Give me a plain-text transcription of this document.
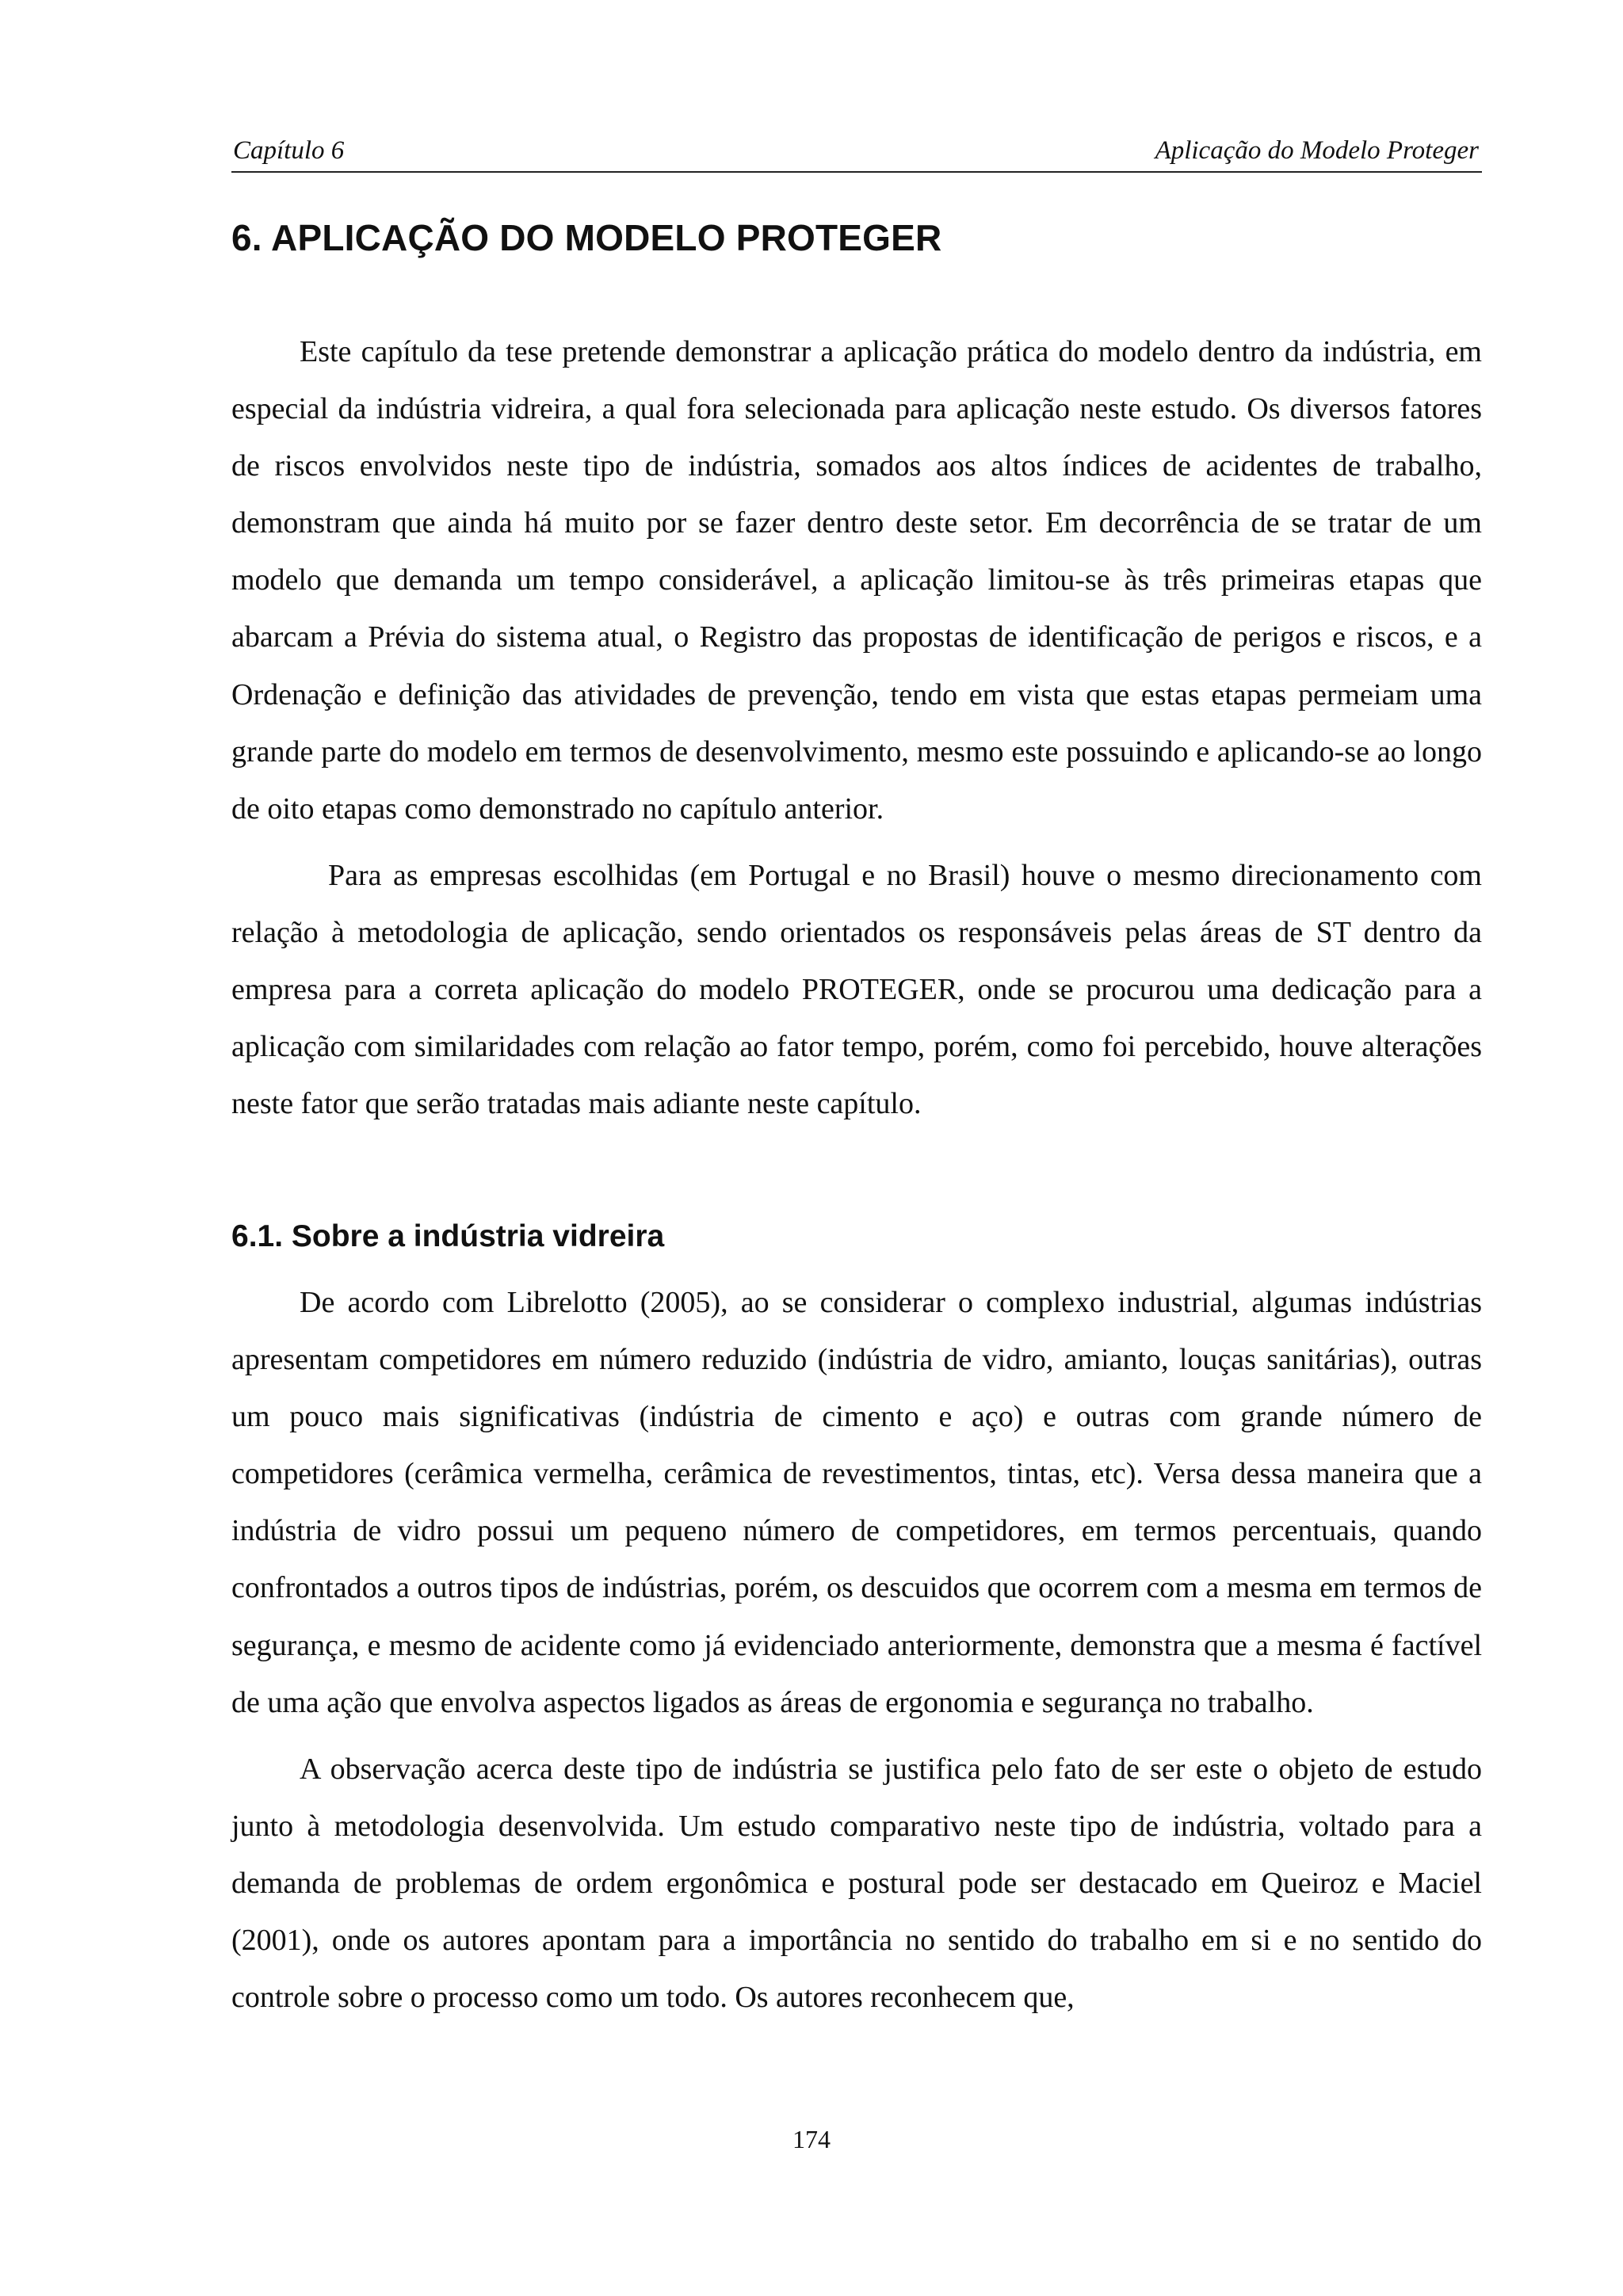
Capítulo 6	Aplicação do Modelo Proteger
6. APLICAÇÃO DO MODELO PROTEGER

Este capítulo da tese pretende demonstrar a aplicação prática do modelo dentro da indústria, em especial da indústria vidreira, a qual fora selecionada para aplicação neste estudo. Os diversos fatores de riscos envolvidos neste tipo de indústria, somados aos altos índices de acidentes de trabalho, demonstram que ainda há muito por se fazer dentro deste setor. Em decorrência de se tratar de um modelo que demanda um tempo considerável, a aplicação limitou-se às três primeiras etapas que abarcam a Prévia do sistema atual, o Registro das propostas de identificação de perigos e riscos, e a Ordenação e definição das atividades de prevenção, tendo em vista que estas etapas permeiam uma grande parte do modelo em termos de desenvolvimento, mesmo este possuindo e aplicando-se ao longo de oito etapas como demonstrado no capítulo anterior.

Para as empresas escolhidas (em Portugal e no Brasil) houve o mesmo direcionamento com relação à metodologia de aplicação, sendo orientados os responsáveis pelas áreas de ST dentro da empresa para a correta aplicação do modelo PROTEGER, onde se procurou uma dedicação para a aplicação com similaridades com relação ao fator tempo, porém, como foi percebido, houve alterações neste fator que serão tratadas mais adiante neste capítulo.

6.1. Sobre a indústria vidreira

De acordo com Librelotto (2005), ao se considerar o complexo industrial, algumas indústrias apresentam competidores em número reduzido (indústria de vidro, amianto, louças sanitárias), outras um pouco mais significativas (indústria de cimento e aço) e outras com grande número de competidores (cerâmica vermelha, cerâmica de revestimentos, tintas, etc). Versa dessa maneira que a indústria de vidro possui um pequeno número de competidores, em termos percentuais, quando confrontados a outros tipos de indústrias, porém, os descuidos que ocorrem com a mesma em termos de segurança, e mesmo de acidente como já evidenciado anteriormente, demonstra que a mesma é factível de uma ação que envolva aspectos ligados as áreas de ergonomia e segurança no trabalho.

A observação acerca deste tipo de indústria se justifica pelo fato de ser este o objeto de estudo junto à metodologia desenvolvida. Um estudo comparativo neste tipo de indústria, voltado para a demanda de problemas de ordem ergonômica e postural pode ser destacado em Queiroz e Maciel (2001), onde os autores apontam para a importância no sentido do trabalho em si e no sentido do controle sobre o processo como um todo. Os autores reconhecem que,

174
